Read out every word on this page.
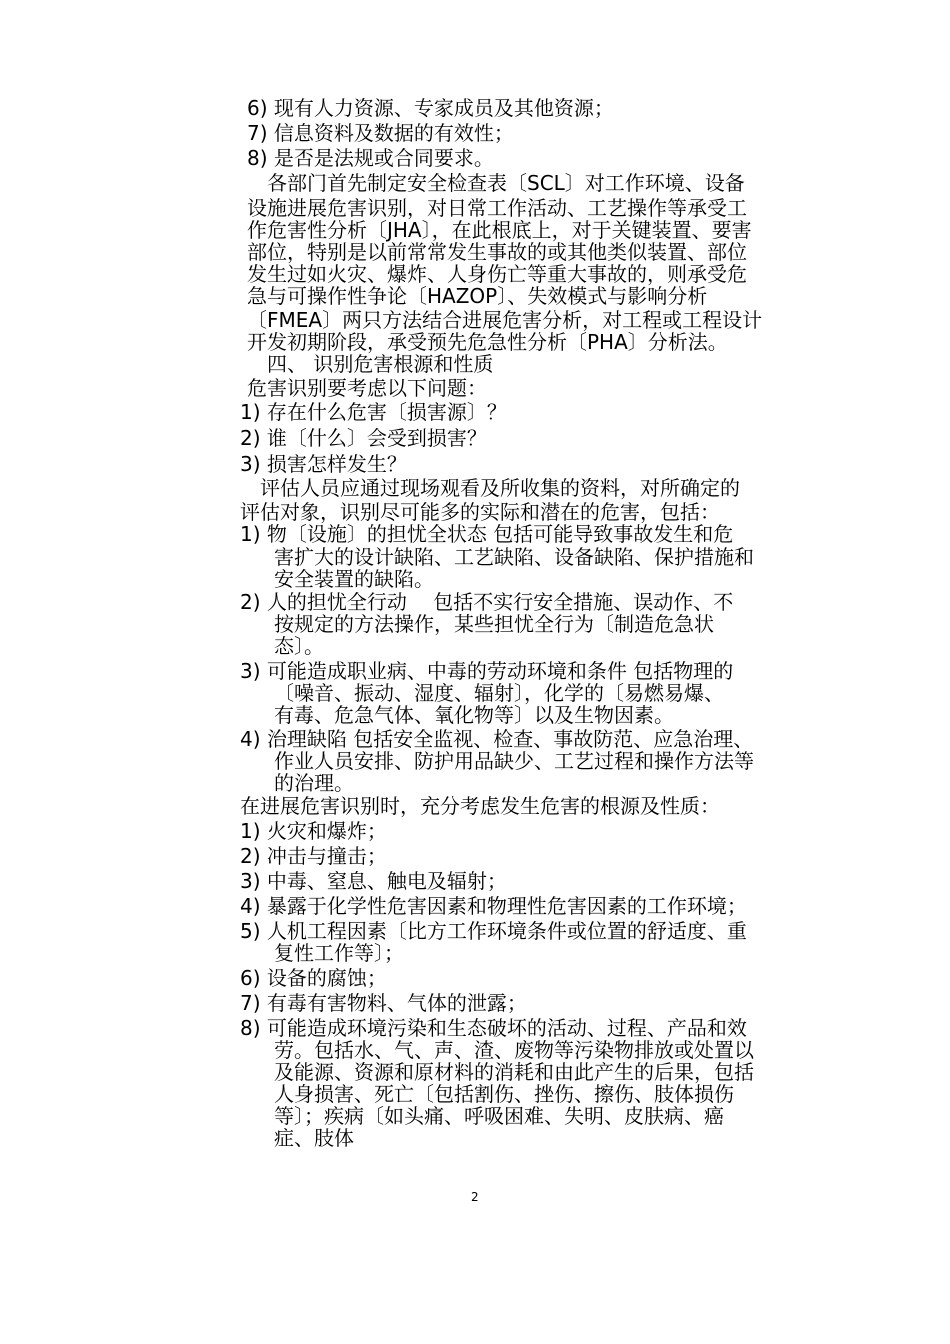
6) 现有人力资源、专家成员及其他资源；
7) 信息资料及数据的有效性；
8) 是否是法规或合同要求。
　各部门首先制定安全检查表〔SCL〕对工作环境、设备
设施进展危害识别，对日常工作活动、工艺操作等承受工
作危害性分析〔JHA〕，在此根底上，对于关键装置、要害
部位，特别是以前常常发生事故的或其他类似装置、部位
发生过如火灾、爆炸、人身伤亡等重大事故的，则承受危
急与可操作性争论〔HAZOP〕、失效模式与影响分析
〔FMEA〕两只方法结合进展危害分析，对工程或工程设计
开发初期阶段，承受预先危急性分析〔PHA〕分析法。
　四、 识别危害根源和性质
危害识别要考虑以下问题：
1) 存在什么危害〔损害源〕？
2) 谁〔什么〕会受到损害？
3) 损害怎样发生？
　评估人员应通过现场观看及所收集的资料，对所确定的
评估对象，识别尽可能多的实际和潜在的危害，包括：
1) 物〔设施〕的担忧全状态 包括可能导致事故发生和危
害扩大的设计缺陷、工艺缺陷、设备缺陷、保护措施和
安全装置的缺陷。
2) 人的担忧全行动　 包括不实行安全措施、误动作、不
按规定的方法操作，某些担忧全行为〔制造危急状
态〕。
3) 可能造成职业病、中毒的劳动环境和条件 包括物理的
〔噪音、振动、湿度、辐射〕，化学的〔易燃易爆、
有毒、危急气体、氧化物等〕以及生物因素。
4) 治理缺陷 包括安全监视、检查、事故防范、应急治理、
作业人员安排、防护用品缺少、工艺过程和操作方法等
的治理。
在进展危害识别时，充分考虑发生危害的根源及性质：
1) 火灾和爆炸；
2) 冲击与撞击；
3) 中毒、窒息、触电及辐射；
4) 暴露于化学性危害因素和物理性危害因素的工作环境；
5) 人机工程因素〔比方工作环境条件或位置的舒适度、重
复性工作等〕；
6) 设备的腐蚀；
7) 有毒有害物料、气体的泄露；
8) 可能造成环境污染和生态破坏的活动、过程、产品和效
劳。包括水、气、声、渣、废物等污染物排放或处置以
及能源、资源和原材料的消耗和由此产生的后果，包括
人身损害、死亡〔包括割伤、挫伤、擦伤、肢体损伤
等〕；疾病〔如头痛、呼吸困难、失明、皮肤病、癌
症、肢体
2
